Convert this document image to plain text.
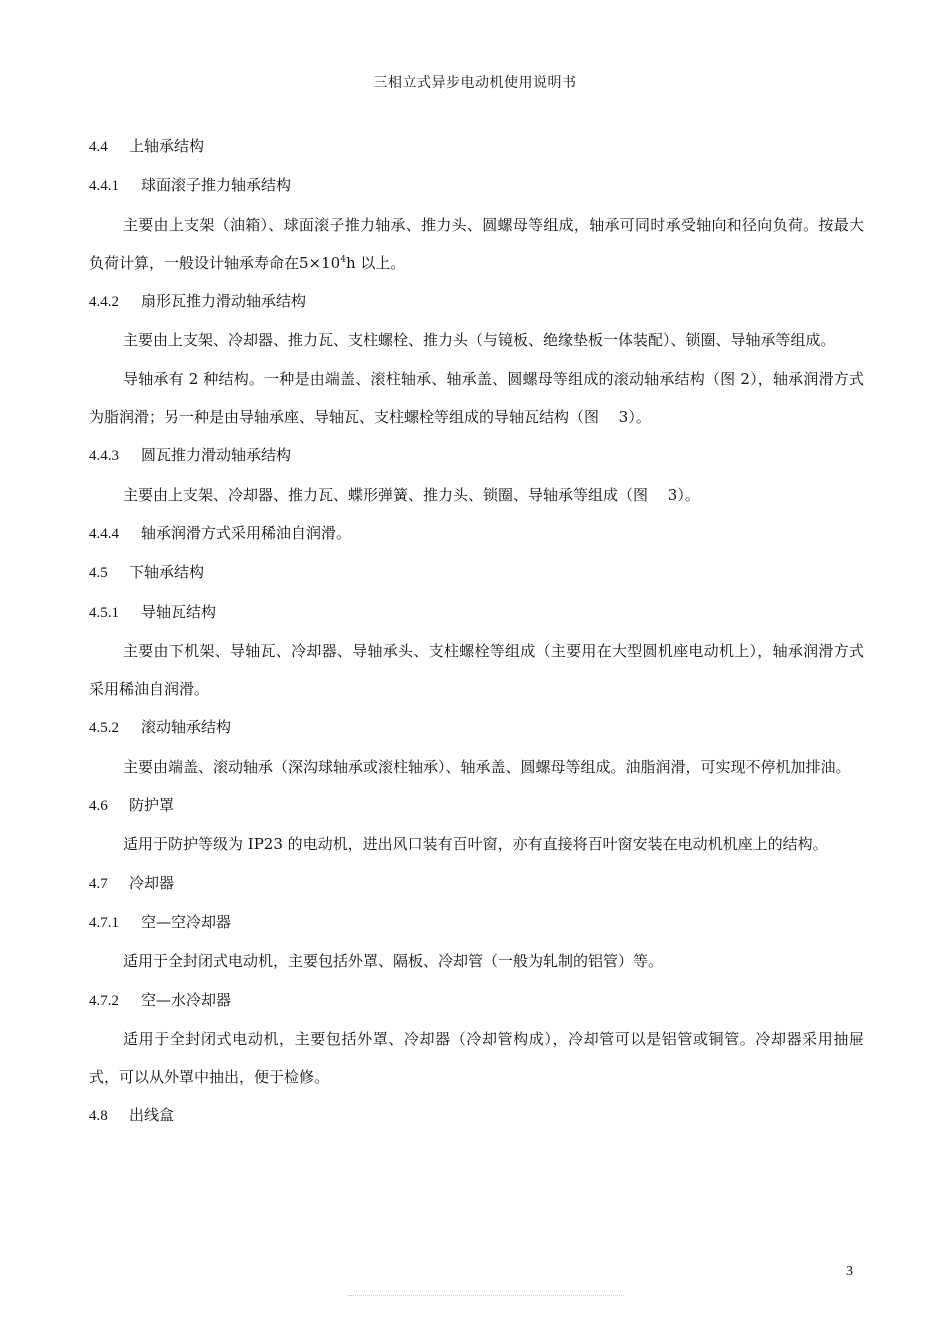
三相立式异步电动机使用说明书

4.4 上轴承结构

4.4.1 球面滚子推力轴承结构

主要由上支架（油箱）、球面滚子推力轴承、推力头、圆螺母等组成，轴承可同时承受轴向和径向负荷。按最大负荷计算，一般设计轴承寿命在$5\times 10^4h$ 以上。

4.4.2 扇形瓦推力滑动轴承结构

主要由上支架、冷却器、推力瓦、支柱螺栓、推力头（与镜板、绝缘垫板一体装配）、锁圈、导轴承等组成。

导轴承有 2 种结构。一种是由端盖、滚柱轴承、轴承盖、圆螺母等组成的滚动轴承结构（图 2），轴承润滑方式为脂润滑；另一种是由导轴承座、导轴瓦、支柱螺栓等组成的导轴瓦结构（图　 3）。

4.4.3 圆瓦推力滑动轴承结构

主要由上支架、冷却器、推力瓦、蝶形弹簧、推力头、锁圈、导轴承等组成（图　 3）。

4.4.4 轴承润滑方式采用稀油自润滑。

4.5 下轴承结构

4.5.1 导轴瓦结构

主要由下机架、导轴瓦、冷却器、导轴承头、支柱螺栓等组成（主要用在大型圆机座电动机上），轴承润滑方式采用稀油自润滑。

4.5.2 滚动轴承结构

主要由端盖、滚动轴承（深沟球轴承或滚柱轴承）、轴承盖、圆螺母等组成。油脂润滑，可实现不停机加排油。

4.6 防护罩

适用于防护等级为 IP23 的电动机，进出风口装有百叶窗，亦有直接将百叶窗安装在电动机机座上的结构。

4.7 冷却器

4.7.1 空—空冷却器

适用于全封闭式电动机，主要包括外罩、隔板、冷却管（一般为轧制的铝管）等。

4.7.2 空—水冷却器

适用于全封闭式电动机，主要包括外罩、冷却器（冷却管构成），冷却管可以是铝管或铜管。冷却器采用抽屉式，可以从外罩中抽出，便于检修。

4.8 出线盒

3
